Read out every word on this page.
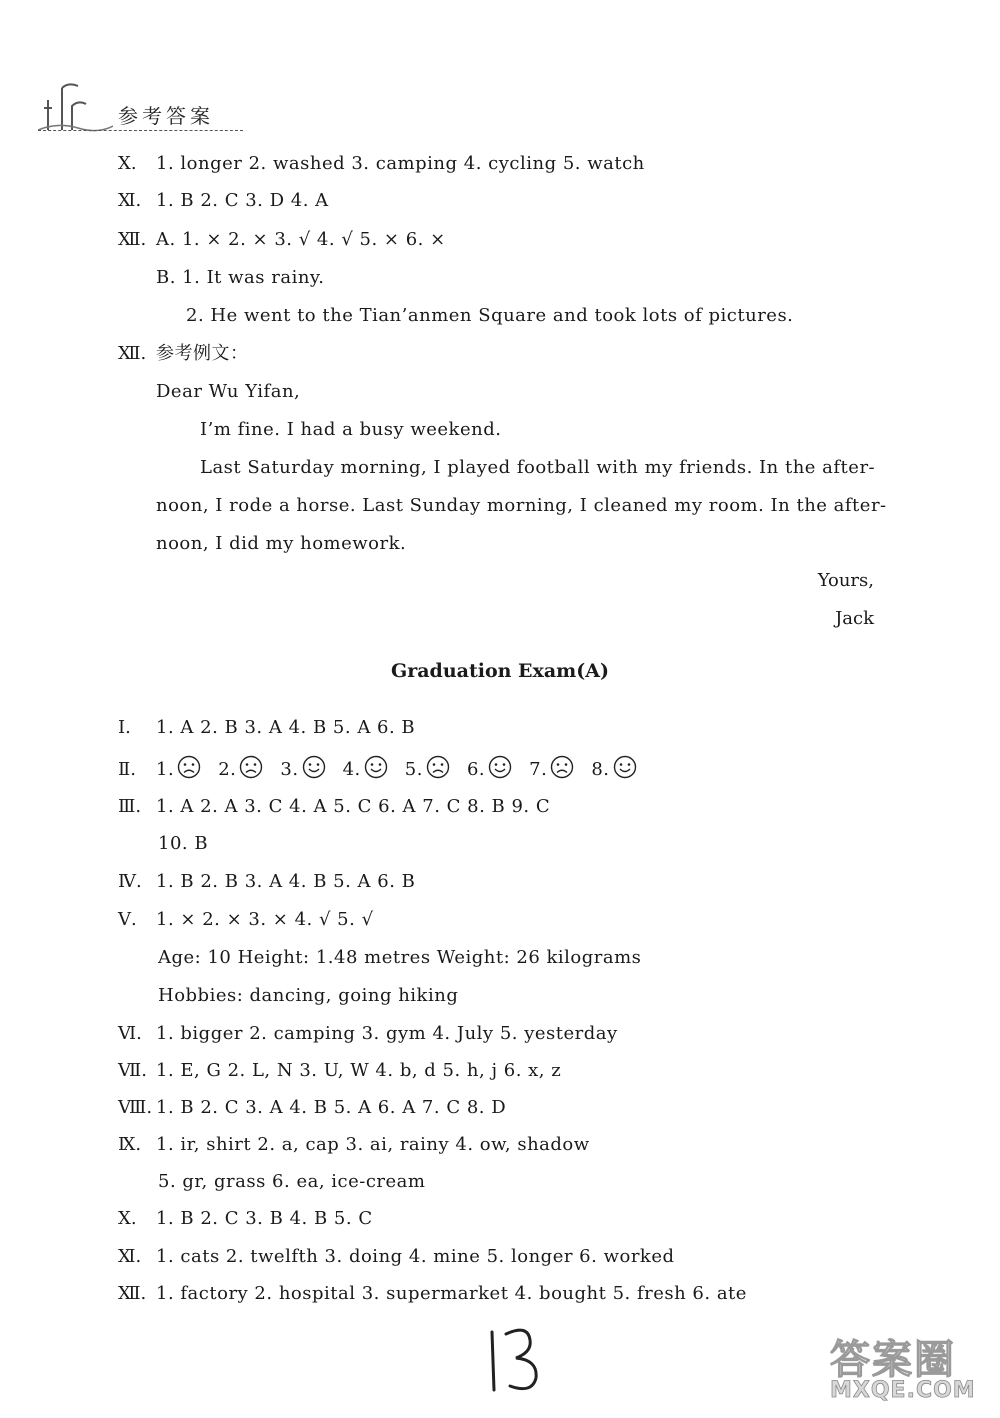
参考答案
Ⅹ. 1. longer 2. washed 3. camping 4. cycling 5. watch
Ⅺ. 1. B 2. C 3. D 4. A
Ⅻ. A. 1. × 2. × 3. √ 4. √ 5. × 6. ×
B. 1. It was rainy.
2. He went to the Tian’anmen Square and took lots of pictures.
Ⅻ. 参考例文：
Dear Wu Yifan,
I’m fine. I had a busy weekend.
Last Saturday morning, I played football with my friends. In the after-
noon, I rode a horse. Last Sunday morning, I cleaned my room. In the after-
noon, I did my homework.
Yours,
Jack
Graduation Exam(A)
Ⅰ. 1. A 2. B 3. A 4. B 5. A 6. B
Ⅱ. 1. 2. 3. 4. 5. 6. 7. 8.
Ⅲ. 1. A 2. A 3. C 4. A 5. C 6. A 7. C 8. B 9. C
10. B
Ⅳ. 1. B 2. B 3. A 4. B 5. A 6. B
Ⅴ. 1. × 2. × 3. × 4. √ 5. √
Age: 10 Height: 1.48 metres Weight: 26 kilograms
Hobbies: dancing, going hiking
Ⅵ. 1. bigger 2. camping 3. gym 4. July 5. yesterday
Ⅶ. 1. E, G 2. L, N 3. U, W 4. b, d 5. h, j 6. x, z
Ⅷ. 1. B 2. C 3. A 4. B 5. A 6. A 7. C 8. D
Ⅸ. 1. ir, shirt 2. a, cap 3. ai, rainy 4. ow, shadow
5. gr, grass 6. ea, ice-cream
Ⅹ. 1. B 2. C 3. B 4. B 5. C
Ⅺ. 1. cats 2. twelfth 3. doing 4. mine 5. longer 6. worked
Ⅻ. 1. factory 2. hospital 3. supermarket 4. bought 5. fresh 6. ate
13
答案圈
MXQE.COM
